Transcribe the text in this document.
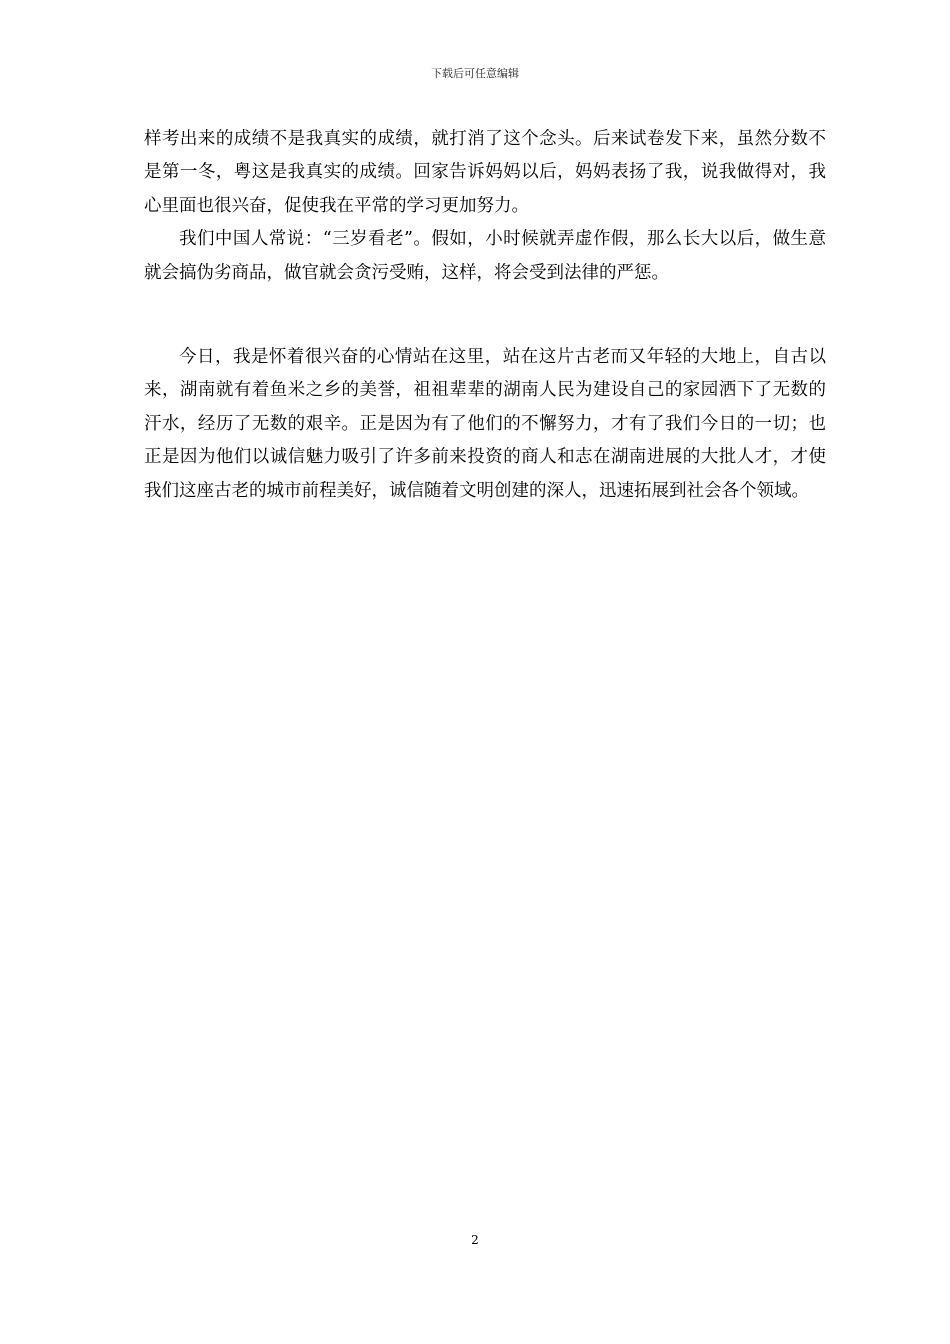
下载后可任意编辑

样考出来的成绩不是我真实的成绩，就打消了这个念头。后来试卷发下来，虽然分数不是第一冬，粤这是我真实的成绩。回家告诉妈妈以后，妈妈表扬了我，说我做得对，我心里面也很兴奋，促使我在平常的学习更加努力。

我们中国人常说：“三岁看老”。假如，小时候就弄虚作假，那么长大以后，做生意就会搞伪劣商品，做官就会贪污受贿，这样，将会受到法律的严惩。

今日，我是怀着很兴奋的心情站在这里，站在这片古老而又年轻的大地上，自古以来，湖南就有着鱼米之乡的美誉，祖祖辈辈的湖南人民为建设自己的家园洒下了无数的汗水，经历了无数的艰辛。正是因为有了他们的不懈努力，才有了我们今日的一切；也正是因为他们以诚信魅力吸引了许多前来投资的商人和志在湖南进展的大批人才，才使我们这座古老的城市前程美好，诚信随着文明创建的深人，迅速拓展到社会各个领域。

2
